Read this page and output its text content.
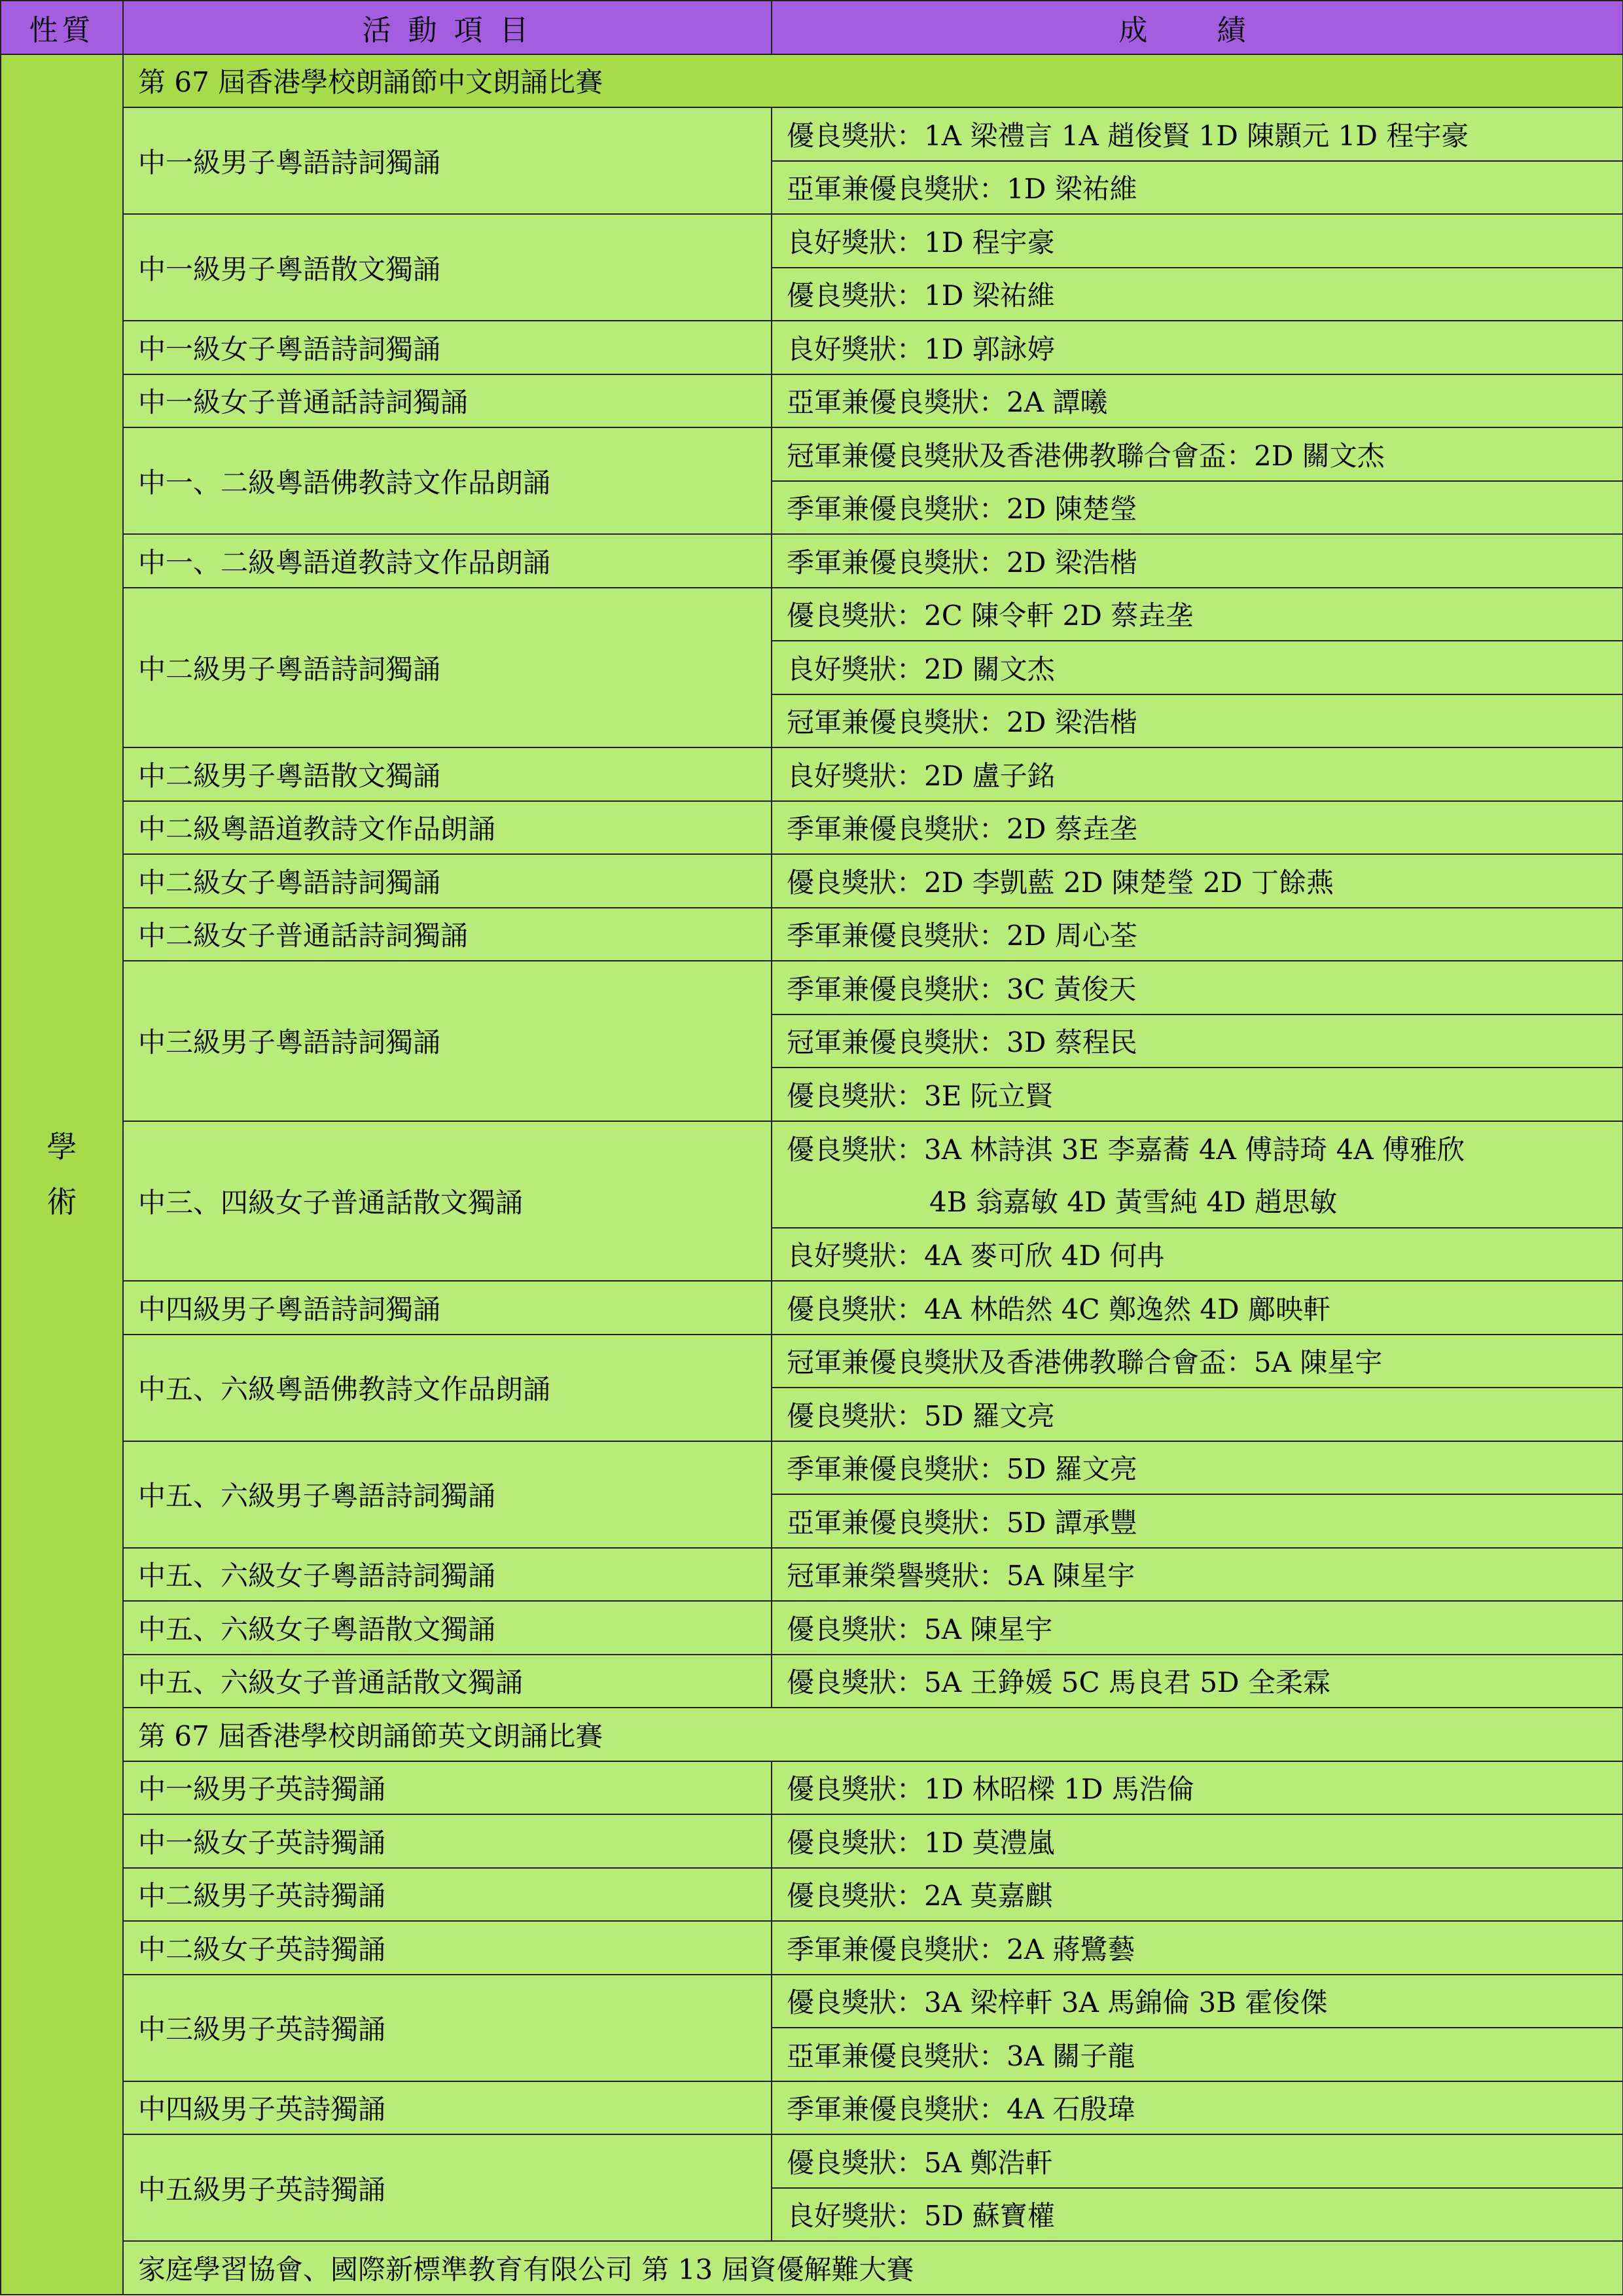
性質	活 動 項 目	成 績

學術	第 67 屆香港學校朗誦節中文朗誦比賽	
	中一級男子粵語詩詞獨誦	優良獎狀：1A 梁禮言 1A 趙俊賢 1D 陳顥元 1D 程宇豪
		亞軍兼優良獎狀：1D 梁祐維
	中一級男子粵語散文獨誦	良好獎狀：1D 程宇豪
		優良獎狀：1D 梁祐維
	中一級女子粵語詩詞獨誦	良好獎狀：1D 郭詠婷
	中一級女子普通話詩詞獨誦	亞軍兼優良獎狀：2A 譚曦
	中一、二級粵語佛教詩文作品朗誦	冠軍兼優良獎狀及香港佛教聯合會盃：2D 關文杰
		季軍兼優良獎狀：2D 陳楚瑩
	中一、二級粵語道教詩文作品朗誦	季軍兼優良獎狀：2D 梁浩楷
	中二級男子粵語詩詞獨誦	優良獎狀：2C 陳令軒 2D 蔡垚垄
		良好獎狀：2D 關文杰
		冠軍兼優良獎狀：2D 梁浩楷
	中二級男子粵語散文獨誦	良好獎狀：2D 盧子銘
	中二級粵語道教詩文作品朗誦	季軍兼優良獎狀：2D 蔡垚垄
	中二級女子粵語詩詞獨誦	優良獎狀：2D 李凱藍 2D 陳楚瑩 2D 丁餘燕
	中二級女子普通話詩詞獨誦	季軍兼優良獎狀：2D 周心荃
	中三級男子粵語詩詞獨誦	季軍兼優良獎狀：3C 黃俊天
		冠軍兼優良獎狀：3D 蔡程民
		優良獎狀：3E 阮立賢
	中三、四級女子普通話散文獨誦	優良獎狀：3A 林詩淇 3E 李嘉蕎 4A 傅詩琦 4A 傅雅欣
		4B 翁嘉敏 4D 黃雪純 4D 趙思敏
		良好獎狀：4A 麥可欣 4D 何冉
	中四級男子粵語詩詞獨誦	優良獎狀：4A 林皓然 4C 鄭逸然 4D 鄺映軒
	中五、六級粵語佛教詩文作品朗誦	冠軍兼優良獎狀及香港佛教聯合會盃：5A 陳星宇
		優良獎狀：5D 羅文亮
	中五、六級男子粵語詩詞獨誦	季軍兼優良獎狀：5D 羅文亮
		亞軍兼優良獎狀：5D 譚承豐
	中五、六級女子粵語詩詞獨誦	冠軍兼榮譽獎狀：5A 陳星宇
	中五、六級女子粵語散文獨誦	優良獎狀：5A 陳星宇
	中五、六級女子普通話散文獨誦	優良獎狀：5A 王錚媛 5C 馬良君 5D 全柔霖
	第 67 屆香港學校朗誦節英文朗誦比賽	
	中一級男子英詩獨誦	優良獎狀：1D 林昭樑 1D 馬浩倫
	中一級女子英詩獨誦	優良獎狀：1D 莫澧嵐
	中二級男子英詩獨誦	優良獎狀：2A 莫嘉麒
	中二級女子英詩獨誦	季軍兼優良獎狀：2A 蔣鷺藝
	中三級男子英詩獨誦	優良獎狀：3A 梁梓軒 3A 馬錦倫 3B 霍俊傑
		亞軍兼優良獎狀：3A 關子龍
	中四級男子英詩獨誦	季軍兼優良獎狀：4A 石殷瑋
	中五級男子英詩獨誦	優良獎狀：5A 鄭浩軒
		良好獎狀：5D 蘇寶權
	家庭學習協會、國際新標準教育有限公司 第 13 屆資優解難大賽	
